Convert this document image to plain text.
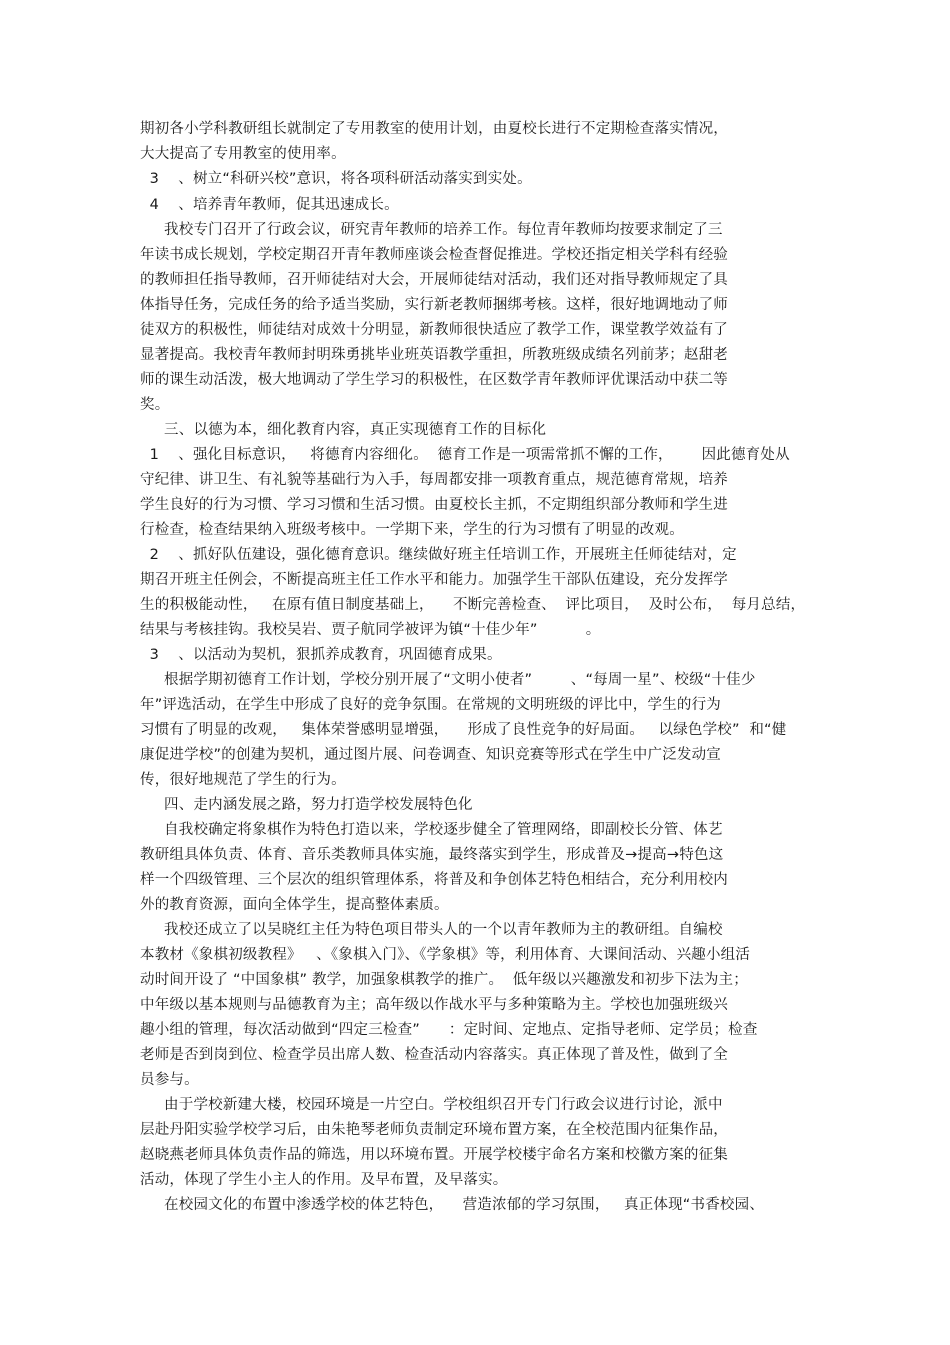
期初各小学科教研组长就制定了专用教室的使用计划，由夏校长进行不定期检查落实情况，
大大提高了专用教室的使用率。
3    、树立“科研兴校”意识，将各项科研活动落实到实处。
4    、培养青年教师，促其迅速成长。
我校专门召开了行政会议，研究青年教师的培养工作。每位青年教师均按要求制定了三
年读书成长规划，学校定期召开青年教师座谈会检查督促推进。学校还指定相关学科有经验
的教师担任指导教师，召开师徒结对大会，开展师徒结对活动，我们还对指导教师规定了具
体指导任务，完成任务的给予适当奖励，实行新老教师捆绑考核。这样，很好地调地动了师
徒双方的积极性，师徒结对成效十分明显，新教师很快适应了教学工作，课堂教学效益有了
显著提高。我校青年教师封明珠勇挑毕业班英语教学重担，所教班级成绩名列前茅；赵甜老
师的课生动活泼，极大地调动了学生学习的积极性，在区数学青年教师评优课活动中获二等
奖。
三、以德为本，细化教育内容，真正实现德育工作的目标化
1    、强化目标意识，   将德育内容细化。  德育工作是一项需常抓不懈的工作，      因此德育处从
守纪律、讲卫生、有礼貌等基础行为入手，每周都安排一项教育重点，规范德育常规，培养
学生良好的行为习惯、学习习惯和生活习惯。由夏校长主抓，不定期组织部分教师和学生进
行检查，检查结果纳入班级考核中。一学期下来，学生的行为习惯有了明显的改观。
2    、抓好队伍建设，强化德育意识。继续做好班主任培训工作，开展班主任师徒结对，定
期召开班主任例会，不断提高班主任工作水平和能力。加强学生干部队伍建设，充分发挥学
生的积极能动性，   在原有值日制度基础上，    不断完善检查、  评比项目，  及时公布，  每月总结，
结果与考核挂钩。我校吴岩、贾子航同学被评为镇“十佳少年”          。
3    、以活动为契机，狠抓养成教育，巩固德育成果。
根据学期初德育工作计划，学校分别开展了“文明小使者”        、“每周一星”、校级“十佳少
年”评选活动，在学生中形成了良好的竞争氛围。在常规的文明班级的评比中，学生的行为
习惯有了明显的改观，   集体荣誉感明显增强，    形成了良性竞争的好局面。   以绿色学校”  和“健
康促进学校”的创建为契机，通过图片展、问卷调查、知识竞赛等形式在学生中广泛发动宣
传，很好地规范了学生的行为。
四、走内涵发展之路，努力打造学校发展特色化
自我校确定将象棋作为特色打造以来，学校逐步健全了管理网络，即副校长分管、体艺
教研组具体负责、体育、音乐类教师具体实施，最终落实到学生，形成普及→提高→特色这
样一个四级管理、三个层次的组织管理体系，将普及和争创体艺特色相结合，充分利用校内
外的教育资源，面向全体学生，提高整体素质。
我校还成立了以吴晓红主任为特色项目带头人的一个以青年教师为主的教研组。自编校
本教材《象棋初级教程》   、《象棋入门》、《学象棋》等，利用体育、大课间活动、兴趣小组活
动时间开设了 “中国象棋” 教学，加强象棋教学的推广。  低年级以兴趣激发和初步下法为主；
中年级以基本规则与品德教育为主；高年级以作战水平与多种策略为主。学校也加强班级兴
趣小组的管理，每次活动做到“四定三检查”      ：定时间、定地点、定指导老师、定学员；检查
老师是否到岗到位、检查学员出席人数、检查活动内容落实。真正体现了普及性，做到了全
员参与。
由于学校新建大楼，校园环境是一片空白。学校组织召开专门行政会议进行讨论，派中
层赴丹阳实验学校学习后，由朱艳琴老师负责制定环境布置方案，在全校范围内征集作品，
赵晓燕老师具体负责作品的筛选，用以环境布置。开展学校楼宇命名方案和校徽方案的征集
活动，体现了学生小主人的作用。及早布置，及早落实。
在校园文化的布置中渗透学校的体艺特色，    营造浓郁的学习氛围，   真正体现“书香校园、
